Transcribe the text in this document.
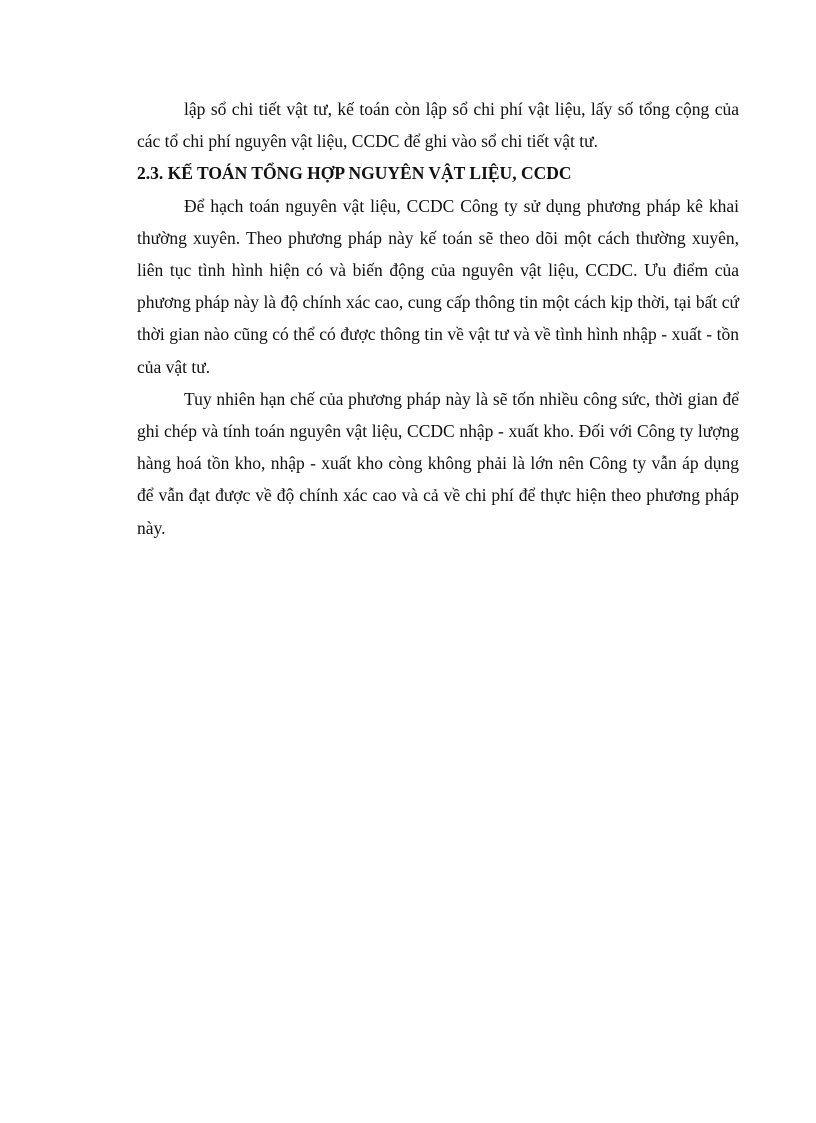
lập sổ chi tiết vật tư, kế toán còn lập sổ chi phí vật liệu, lấy số tổng cộng của các tổ chi phí nguyên vật liệu, CCDC để ghi vào sổ chi tiết vật tư.

2.3. KẾ TOÁN TỔNG HỢP NGUYÊN VẬT LIỆU, CCDC

Để hạch toán nguyên vật liệu, CCDC Công ty sử dụng phương pháp kê khai thường xuyên. Theo phương pháp này kế toán sẽ theo dõi một cách thường xuyên, liên tục tình hình hiện có và biến động của nguyên vật liệu, CCDC. Ưu điểm của phương pháp này là độ chính xác cao, cung cấp thông tin một cách kịp thời, tại bất cứ thời gian nào cũng có thể có được thông tin về vật tư và về tình hình nhập - xuất - tồn của vật tư.

Tuy nhiên hạn chế của phương pháp này là sẽ tốn nhiều công sức, thời gian để ghi chép và tính toán nguyên vật liệu, CCDC nhập - xuất kho. Đối với Công ty lượng hàng hoá tồn kho, nhập - xuất kho còng không phải là lớn nên Công ty vẫn áp dụng để vẫn đạt được về độ chính xác cao và cả về chi phí để thực hiện theo phương pháp này.
